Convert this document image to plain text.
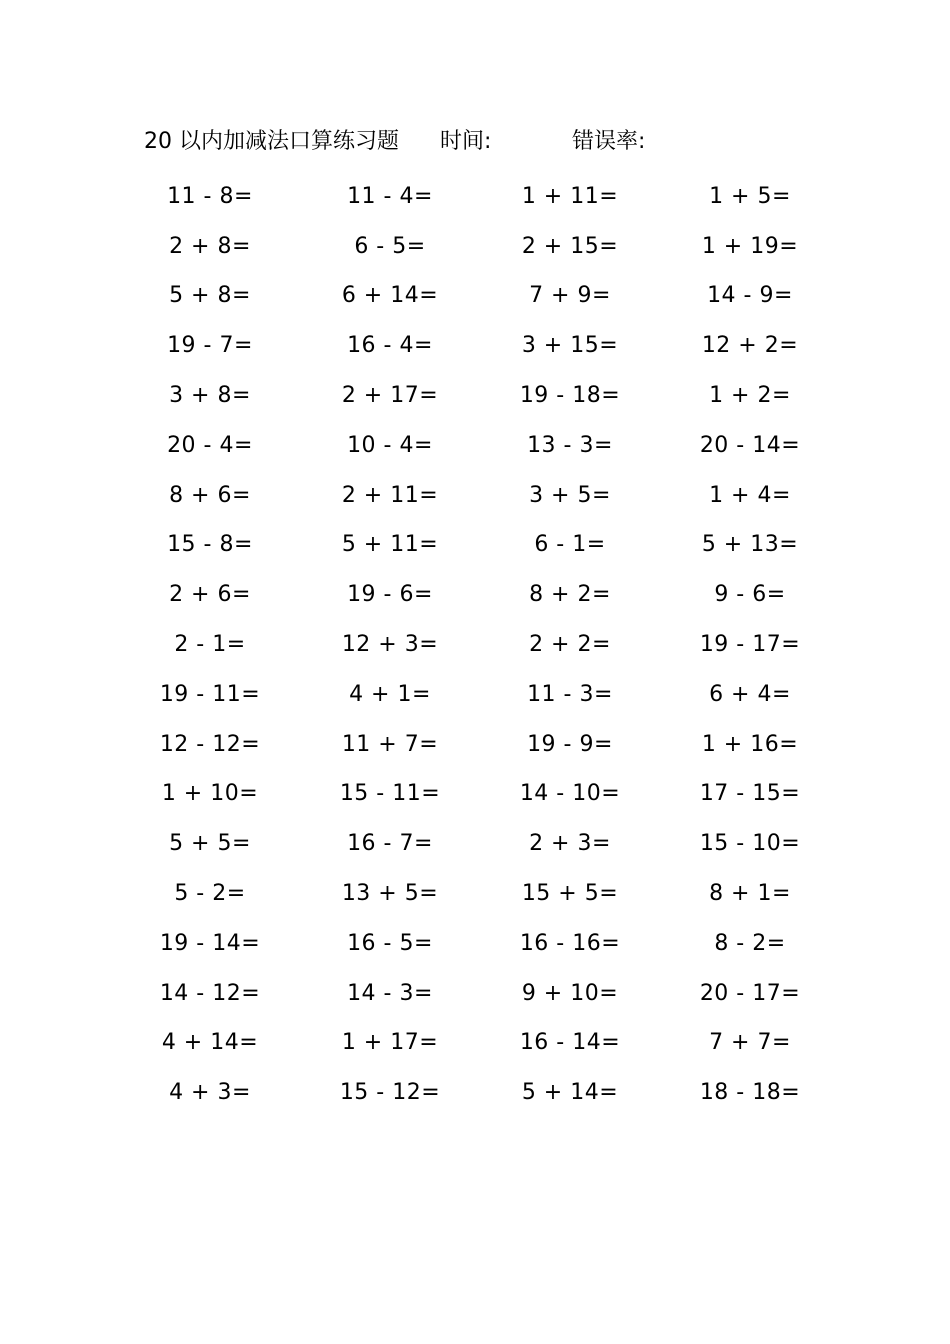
20 以内加减法口算练习题 时间:	错误率:
11 - 8=	11 - 4=	1 + 11=	1 + 5=
2 + 8=	6 - 5=	2 + 15=	1 + 19=
5 + 8=	6 + 14=	7 + 9=	14 - 9=
19 - 7=	16 - 4=	3 + 15=	12 + 2=
3 + 8=	2 + 17=	19 - 18=	1 + 2=
20 - 4=	10 - 4=	13 - 3=	20 - 14=
8 + 6=	2 + 11=	3 + 5=	1 + 4=
15 - 8=	5 + 11=	6 - 1=	5 + 13=
2 + 6=	19 - 6=	8 + 2=	9 - 6=
2 - 1=	12 + 3=	2 + 2=	19 - 17=
19 - 11=	4 + 1=	11 - 3=	6 + 4=
12 - 12=	11 + 7=	19 - 9=	1 + 16=
1 + 10=	15 - 11=	14 - 10=	17 - 15=
5 + 5=	16 - 7=	2 + 3=	15 - 10=
5 - 2=	13 + 5=	15 + 5=	8 + 1=
19 - 14=	16 - 5=	16 - 16=	8 - 2=
14 - 12=	14 - 3=	9 + 10=	20 - 17=
4 + 14=	1 + 17=	16 - 14=	7 + 7=
4 + 3=	15 - 12=	5 + 14=	18 - 18=
